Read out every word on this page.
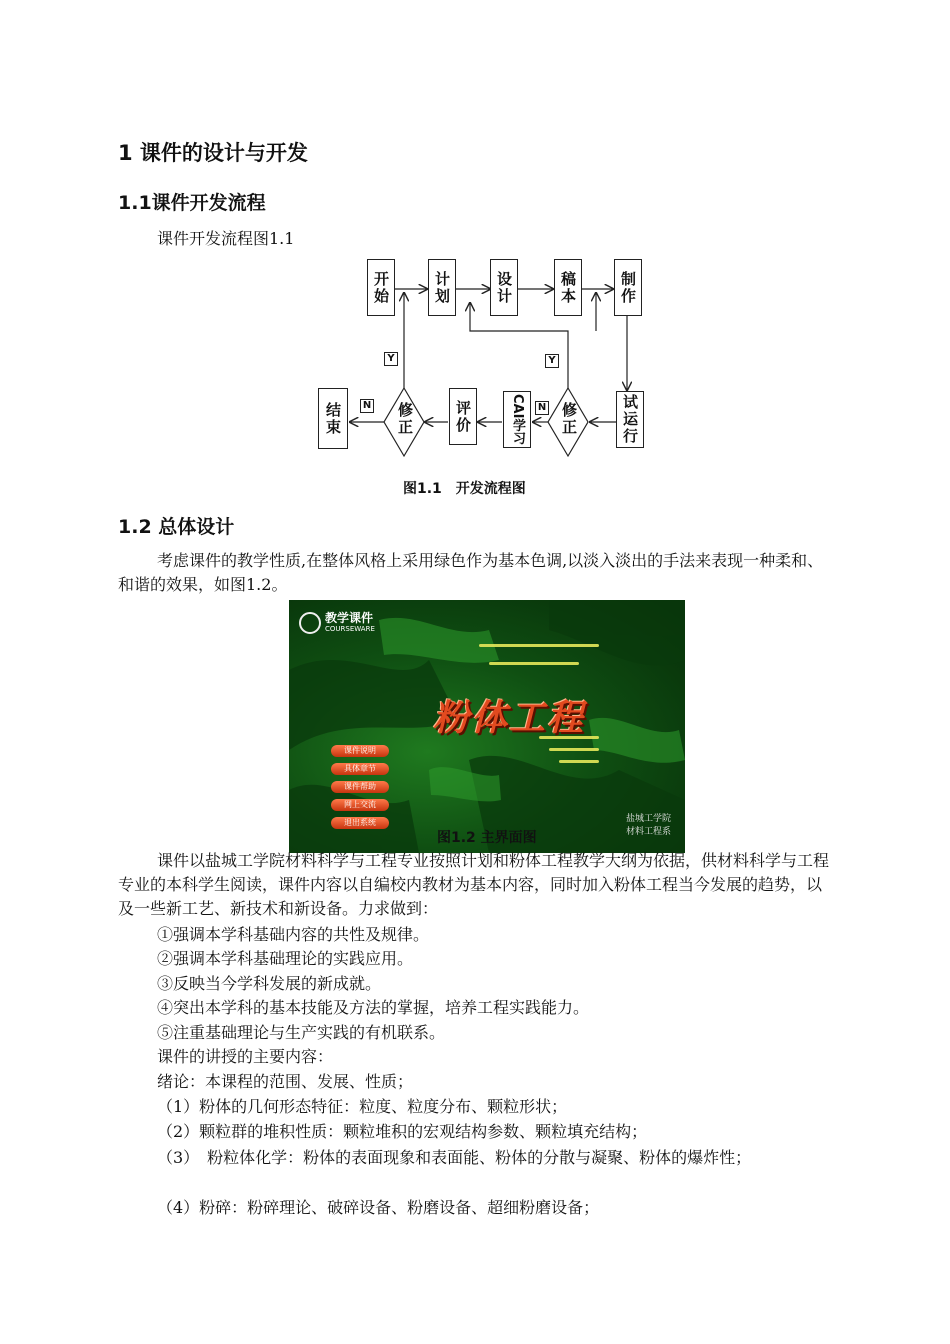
1 课件的设计与开发
1.1课件开发流程
课件开发流程图1.1
开始	计划	设计	稿本	制作
试运行
CAI学习
评价
结束	修正	修正
Y	Y
N	N
图1.1　开发流程图
1.2 总体设计
考虑课件的教学性质,在整体风格上采用绿色作为基本色调,以淡入淡出的手法来表现一种柔和、和谐的效果，如图1.2。
教学课件
COURSEWARE
粉体工程
课件说明
具体章节
课件帮助
网上交流
退出系统	盐城工学院
材料工程系
图1.2 主界面图
课件以盐城工学院材料科学与工程专业按照计划和粉体工程教学大纲为依据，供材料科学与工程专业的本科学生阅读，课件内容以自编校内教材为基本内容，同时加入粉体工程当今发展的趋势，以及一些新工艺、新技术和新设备。力求做到：
①强调本学科基础内容的共性及规律。
②强调本学科基础理论的实践应用。
③反映当今学科发展的新成就。
④突出本学科的基本技能及方法的掌握，培养工程实践能力。
⑤注重基础理论与生产实践的有机联系。
课件的讲授的主要内容：
绪论：本课程的范围、发展、性质；
（1）粉体的几何形态特征：粒度、粒度分布、颗粒形状；
（2）颗粒群的堆积性质：颗粒堆积的宏观结构参数、颗粒填充结构；
（3）　粉粒体化学：粉体的表面现象和表面能、粉体的分散与凝聚、粉体的爆炸性；
（4）粉碎：粉碎理论、破碎设备、粉磨设备、超细粉磨设备；
